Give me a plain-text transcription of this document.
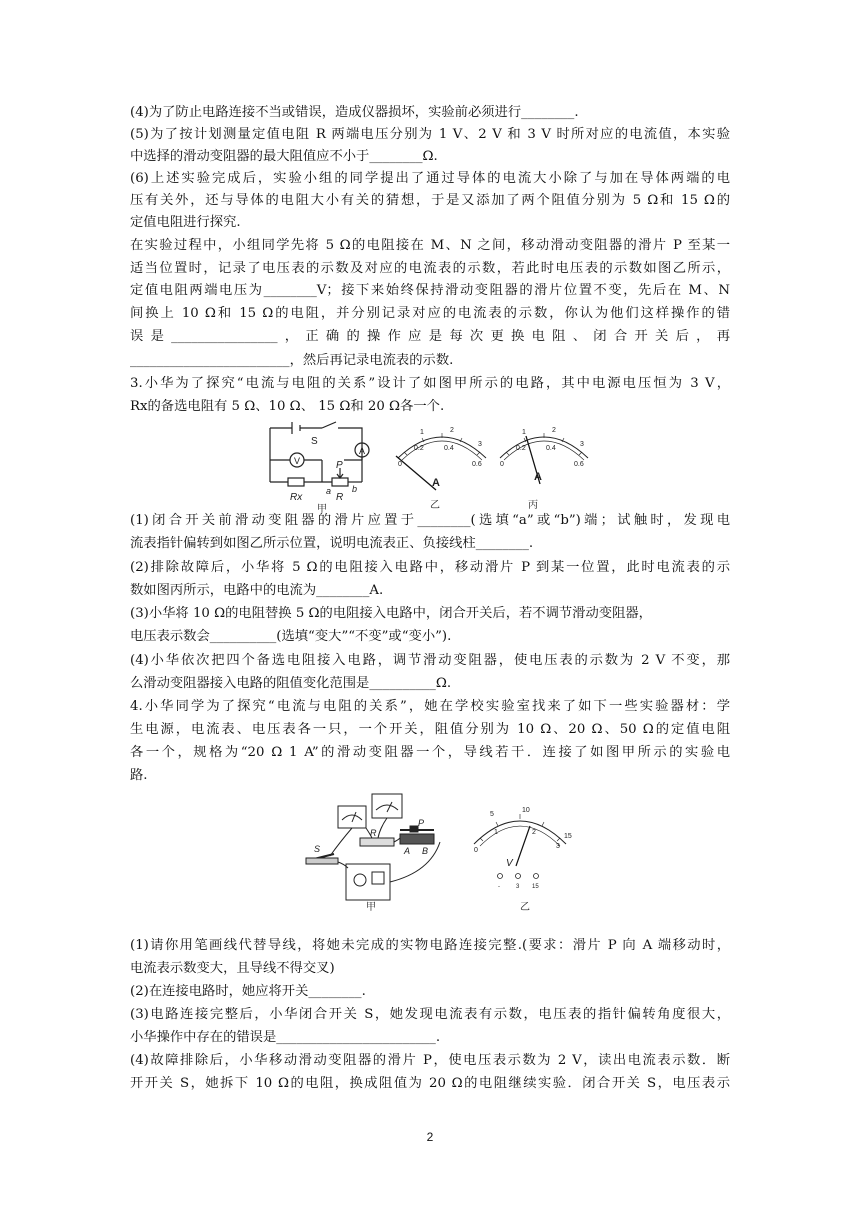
(4)为了防止电路连接不当或错误，造成仪器损坏，实验前必须进行________.
(5)为了按计划测量定值电阻 R 两端电压分别为 1 V、2 V 和 3 V 时所对应的电流值，本实验
中选择的滑动变阻器的最大阻值应不小于________Ω.
(6)上述实验完成后，实验小组的同学提出了通过导体的电流大小除了与加在导体两端的电
压有关外，还与导体的电阻大小有关的猜想，于是又添加了两个阻值分别为 5 Ω和 15 Ω的
定值电阻进行探究.
在实验过程中，小组同学先将 5 Ω的电阻接在 M、N 之间，移动滑动变阻器的滑片 P 至某一
适当位置时，记录了电压表的示数及对应的电流表的示数，若此时电压表的示数如图乙所示，
定值电阻两端电压为________V；接下来始终保持滑动变阻器的滑片位置不变，先后在 M、N
间换上 10 Ω和 15 Ω的电阻，并分别记录对应的电流表的示数，你认为他们这样操作的错
误是________________，正确的操作应是每次更换电阻、闭合开关后，再
________________________，然后再记录电流表的示数.
3.小华为了探究“电流与电阻的关系”设计了如图甲所示的电路，其中电源电压恒为 3 V，
Rx的备选电阻有 5 Ω、10 Ω、 15 Ω和 20 Ω各一个.
S
A
V	P
a b
Rx	R
甲
1	2
3
0
0.2	0.4
0.6
A
乙
1	2
3
0
0.2	0.4
0.6
A
丙
(1)闭合开关前滑动变阻器的滑片应置于________(选填“a”或“b”)端；试触时，发现电
流表指针偏转到如图乙所示位置，说明电流表正、负接线柱________.
(2)排除故障后，小华将 5 Ω的电阻接入电路中，移动滑片 P 到某一位置，此时电流表的示
数如图丙所示，电路中的电流为________A.
(3)小华将 10 Ω的电阻替换 5 Ω的电阻接入电路中，闭合开关后，若不调节滑动变阻器，
电压表示数会__________(选填“变大”“不变”或“变小”).
(4)小华依次把四个备选电阻接入电路，调节滑动变阻器，使电压表的示数为 2 V 不变，那
么滑动变阻器接入电路的阻值变化范围是__________Ω.
4.小华同学为了探究“电流与电阻的关系”，她在学校实验室找来了如下一些实验器材：学
生电源，电流表、电压表各一只，一个开关，阻值分别为 10 Ω、20 Ω、50 Ω的定值电阻
各一个，规格为“20 Ω 1 A”的滑动变阻器一个，导线若干．连接了如图甲所示的实验电
路.
S
R
P
A B
甲
5
10
0
1	2
3
15
V
-	3 15
乙
(1)请你用笔画线代替导线，将她未完成的实物电路连接完整.(要求：滑片 P 向 A 端移动时，
电流表示数变大，且导线不得交叉)
(2)在连接电路时，她应将开关________.
(3)电路连接完整后，小华闭合开关 S，她发现电流表有示数，电压表的指针偏转角度很大，
小华操作中存在的错误是________________________.
(4)故障排除后，小华移动滑动变阻器的滑片 P，使电压表示数为 2 V，读出电流表示数．断
开开关 S，她拆下 10 Ω的电阻，换成阻值为 20 Ω的电阻继续实验．闭合开关 S，电压表示
2
